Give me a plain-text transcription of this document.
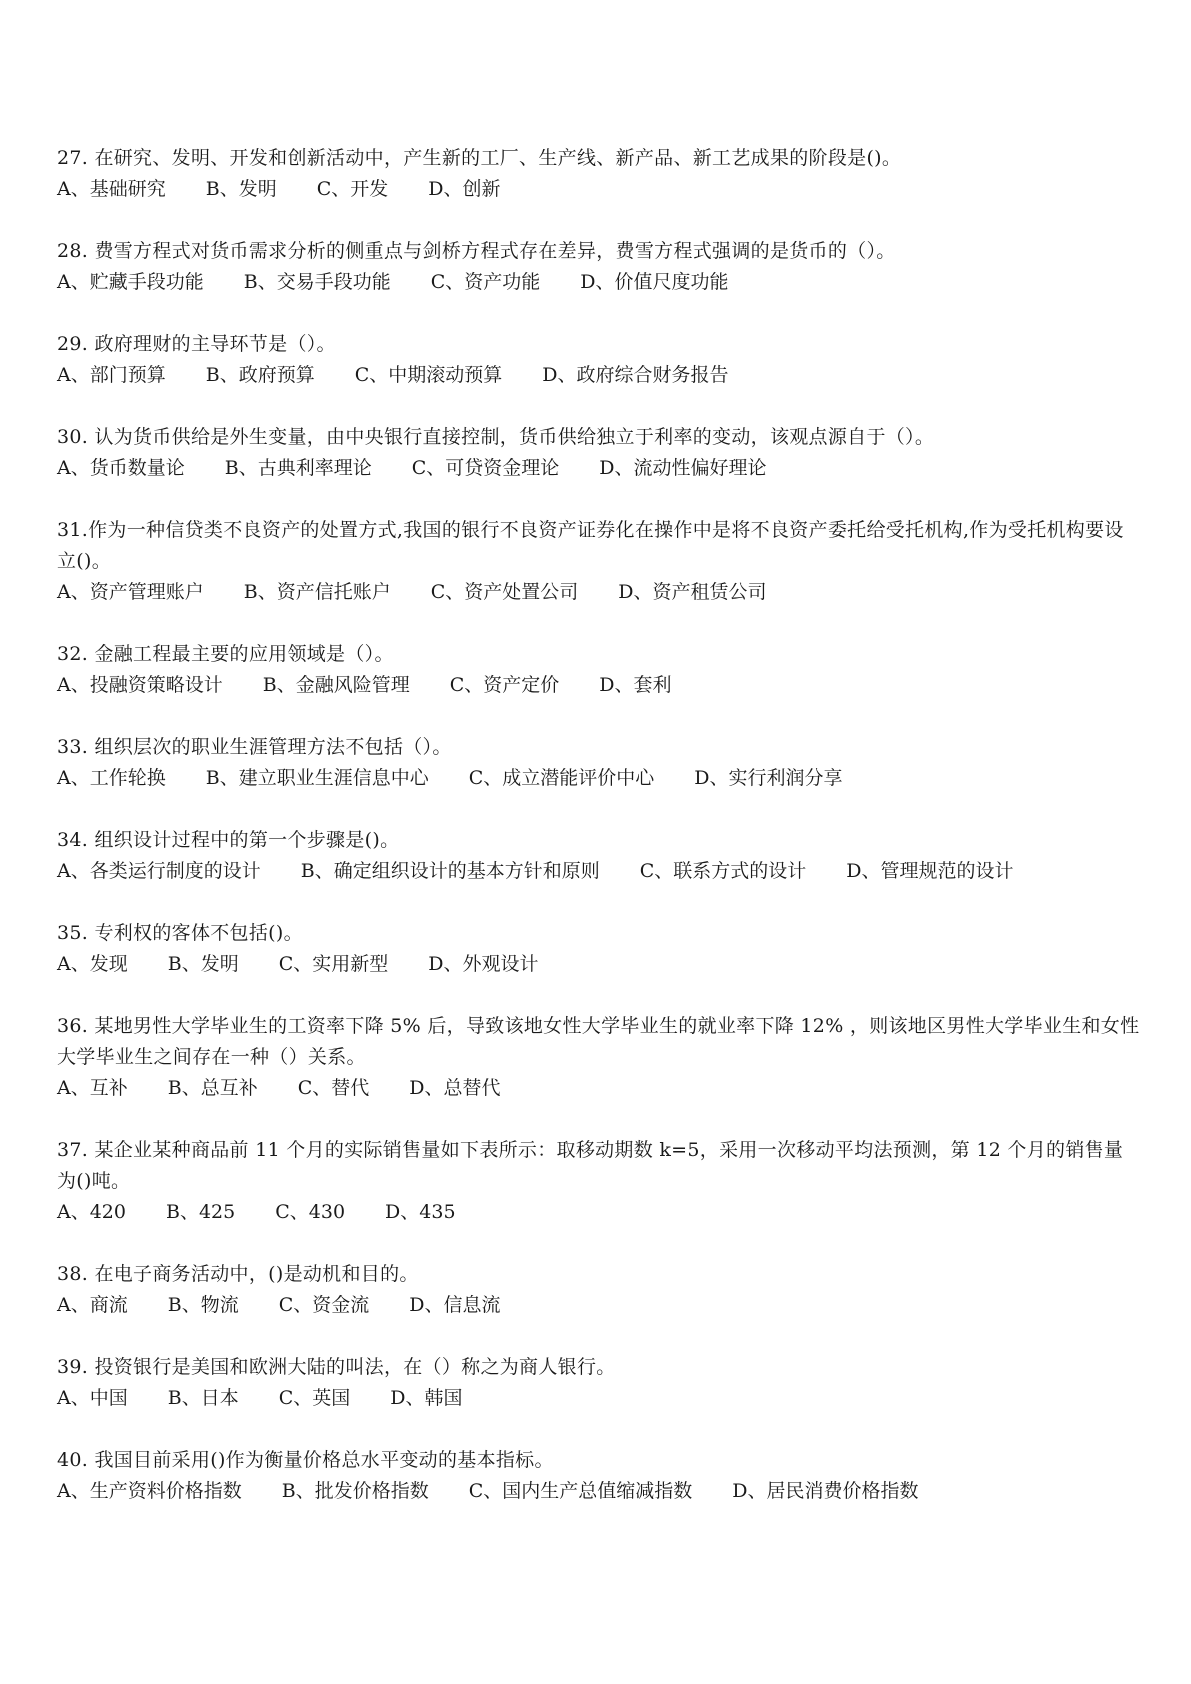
27. 在研究、发明、开发和创新活动中，产生新的工厂、生产线、新产品、新工艺成果的阶段是()。

A、基础研究 B、发明 C、开发 D、创新

28. 费雪方程式对货币需求分析的侧重点与剑桥方程式存在差异，费雪方程式强调的是货币的（）。

A、贮藏手段功能 B、交易手段功能 C、资产功能 D、价值尺度功能

29. 政府理财的主导环节是（）。

A、部门预算 B、政府预算 C、中期滚动预算 D、政府综合财务报告

30. 认为货币供给是外生变量，由中央银行直接控制，货币供给独立于利率的变动，该观点源自于（）。

A、货币数量论 B、古典利率理论 C、可贷资金理论 D、流动性偏好理论

31.作为一种信贷类不良资产的处置方式,我国的银行不良资产证券化在操作中是将不良资产委托给受托机构,作为受托机构要设立()。

A、资产管理账户 B、资产信托账户 C、资产处置公司 D、资产租赁公司

32. 金融工程最主要的应用领域是（）。

A、投融资策略设计 B、金融风险管理 C、资产定价 D、套利

33. 组织层次的职业生涯管理方法不包括（）。

A、工作轮换 B、建立职业生涯信息中心 C、成立潜能评价中心 D、实行利润分享

34. 组织设计过程中的第一个步骤是()。

A、各类运行制度的设计 B、确定组织设计的基本方针和原则 C、联系方式的设计 D、管理规范的设计

35. 专利权的客体不包括()。

A、发现 B、发明 C、实用新型 D、外观设计

36. 某地男性大学毕业生的工资率下降 5% 后，导致该地女性大学毕业生的就业率下降 12% ，则该地区男性大学毕业生和女性大学毕业生之间存在一种（）关系。

A、互补 B、总互补 C、替代 D、总替代

37. 某企业某种商品前 11 个月的实际销售量如下表所示：取移动期数 k=5，采用一次移动平均法预测，第 12 个月的销售量为()吨。

A、420 B、425 C、430 D、435

38. 在电子商务活动中，()是动机和目的。

A、商流 B、物流 C、资金流 D、信息流

39. 投资银行是美国和欧洲大陆的叫法，在（）称之为商人银行。

A、中国 B、日本 C、英国 D、韩国

40. 我国目前采用()作为衡量价格总水平变动的基本指标。

A、生产资料价格指数 B、批发价格指数 C、国内生产总值缩减指数 D、居民消费价格指数
